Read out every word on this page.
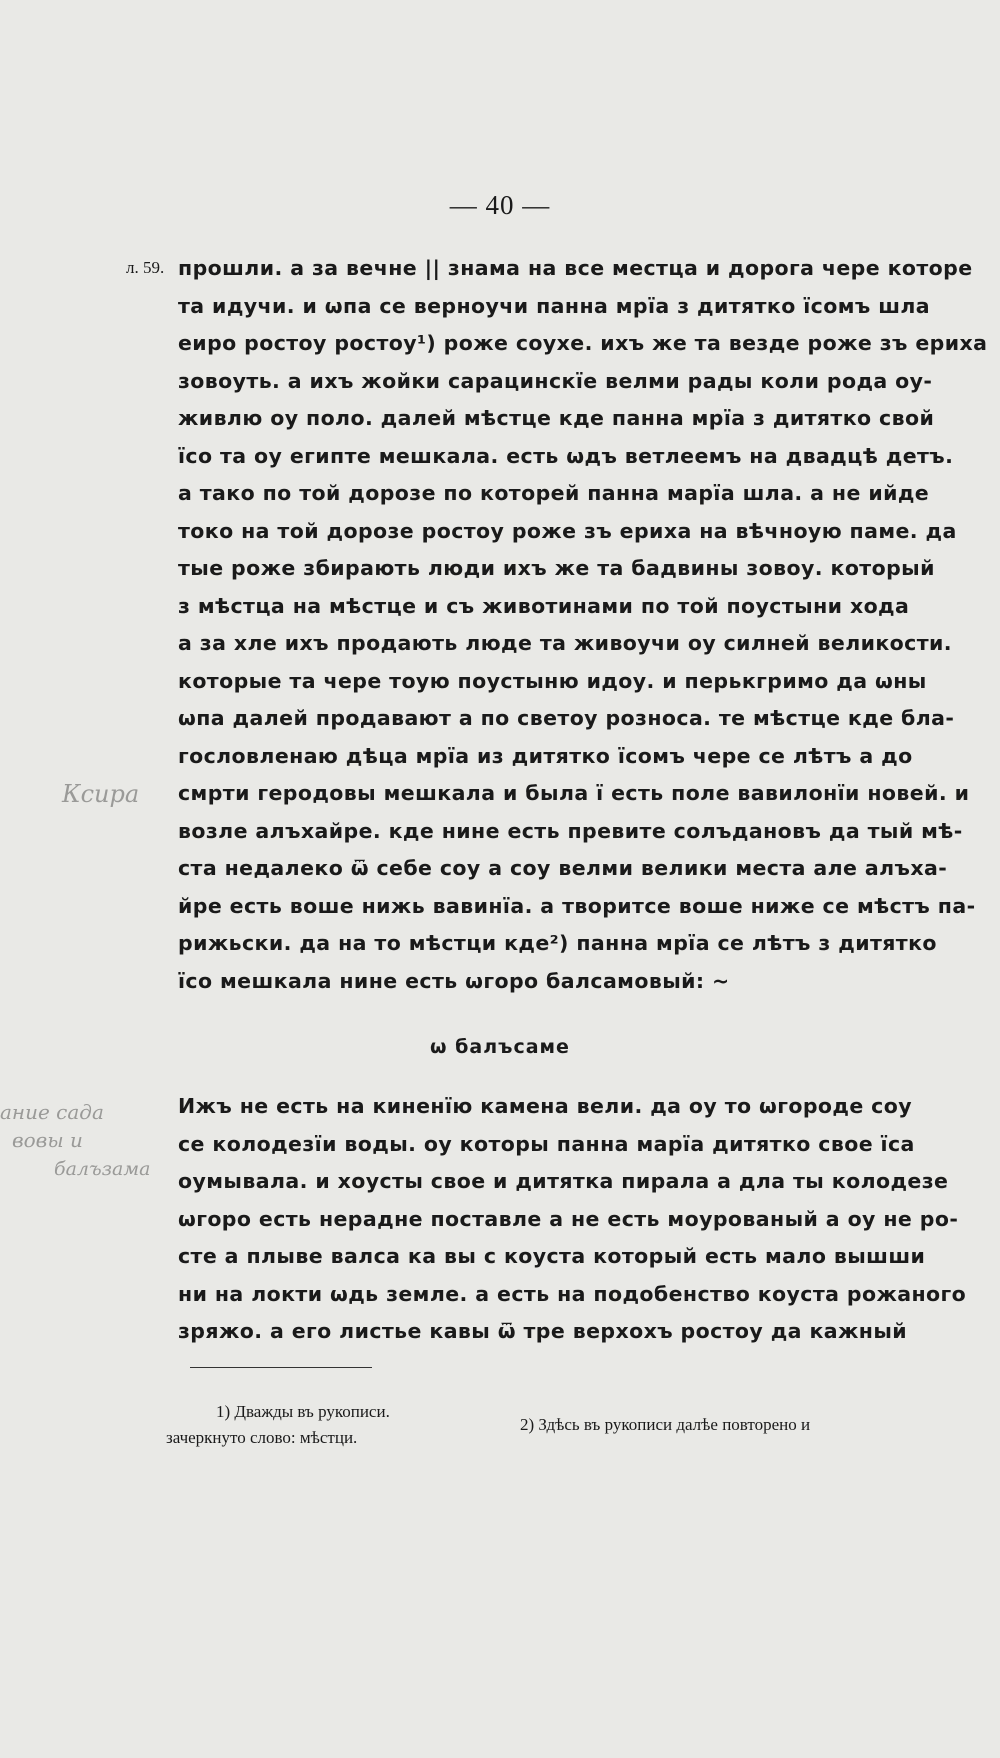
— 40 —
л. 59. прошли. а за вечне || знама на все местца и дорога чере которе
та идучи. и ѡпа се верноучи панна мрїа з дитятко їсомъ шла
еиро ростоу ростоу¹) роже соухе. ихъ же та везде роже зъ ериха
зовоуть. а ихъ жойки сарацинскїе велми рады коли рода оу-
живлю оу поло. далей мѣстце кде панна мрїа з дитятко свой
їсо та оу египте мешкала. есть ѡдъ ветлеемъ на двадцѣ детъ.
а тако по той дорозе по которей панна марїа шла. а не ийде
токо на той дорозе ростоу роже зъ ериха на вѣчноую паме. да
тые роже збирають люди ихъ же та бадвины зовоу. который
з мѣстца на мѣстце и съ животинами по той поустыни хода
а за хле ихъ продають люде та живоучи оу силней великости.
которые та чере тоую поустыню идоу. и перькгримо да ѡны
ѡпа далей продавают а по светоу розноса. те мѣстце кде бла-
гословленаю дѣца мрїа из дитятко їсомъ чере се лѣтъ а до
смрти геродовы мешкала и была ї есть поле вавилонїи новей. и
возле алъхайре. кде нине есть превите солъдановъ да тый мѣ-
ста недалеко ѿ себе соу а соу велми велики места але алъха-
йре есть воше нижь вавинїа. а творитсе воше ниже се мѣстъ па-
рижьски. да на то мѣстци кде²) панна мрїа се лѣтъ з дитятко
їсо мешкала нине есть ѡгоро балсамовый: ~
ѡ балъсаме
Ижъ не есть на киненїю камена вели. да оу то ѡгороде соу
се колодезїи воды. оу которы панна марїа дитятко свое їса
оумывала. и хоусты свое и дитятка пирала а дла ты колодезе
ѡгоро есть нерадне поставле а не есть моурованый а оу не ро-
сте а плыве валса ка вы с коуста который есть мало вышши
ни на локти ѡдь земле. а есть на подобенство коуста рожаного
зряжо. а его листье кавы ѿ тре верхохъ ростоу да кажный
1) Дважды въ рукописи.
зачеркнуто слово: мѣстци.
2) Здѣсь въ рукописи далѣе повторено и
Ксира
ание сада
вовы и
балъзама
